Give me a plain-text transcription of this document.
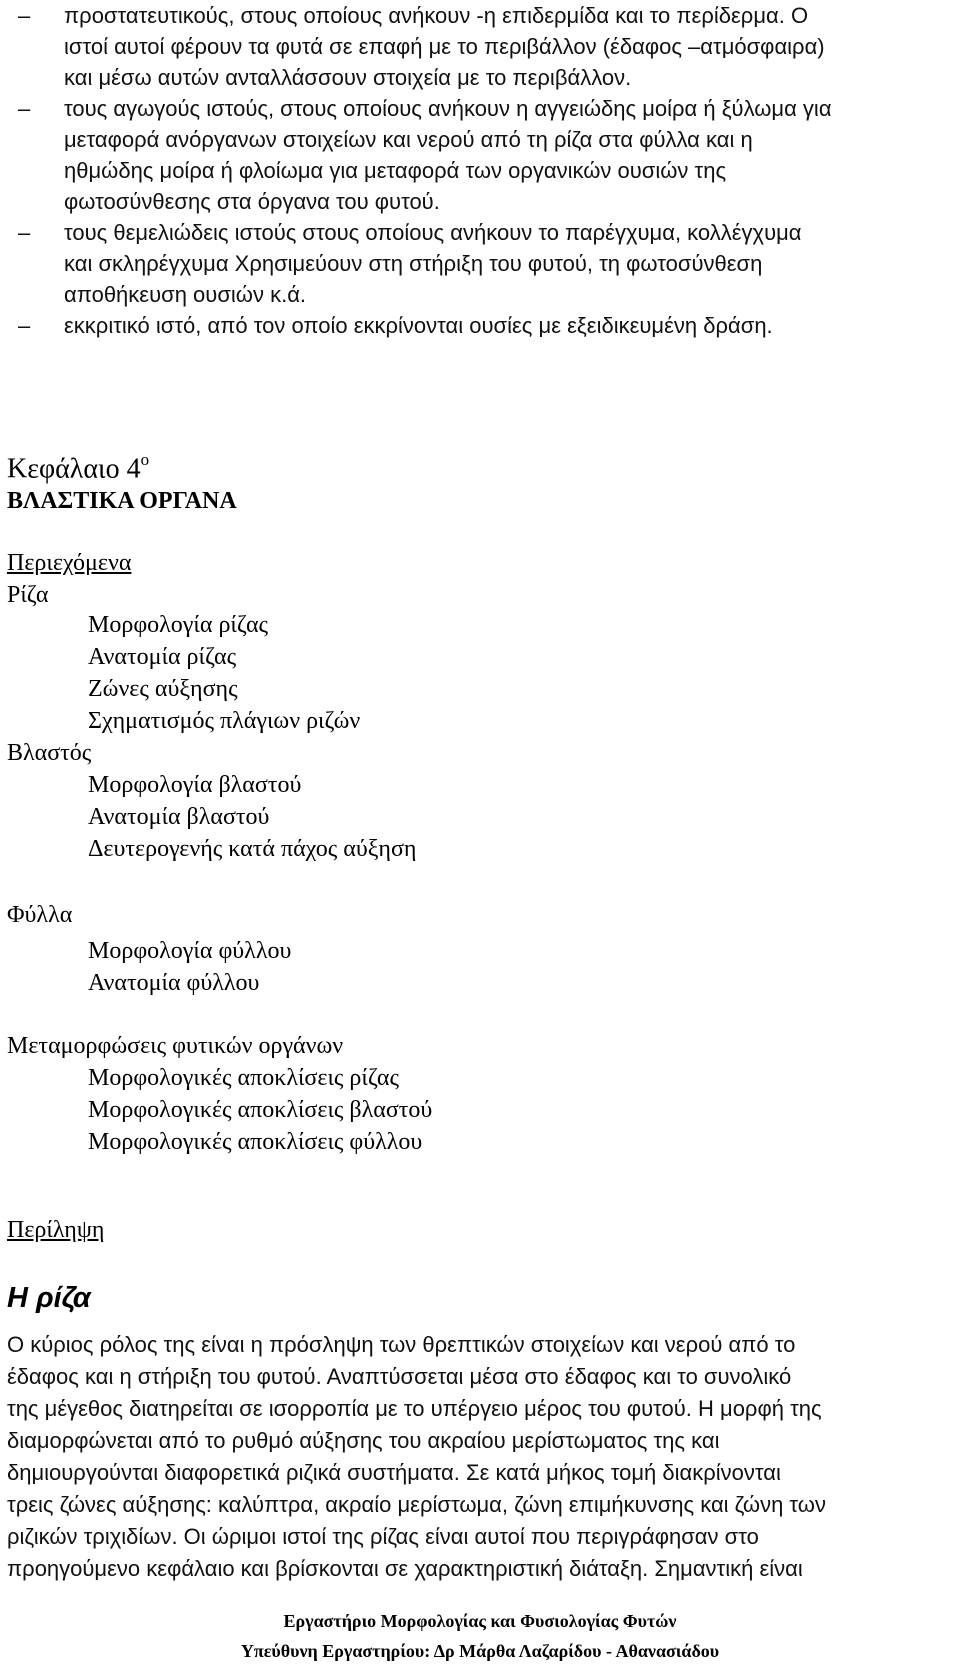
–	προστατευτικούς, στους οποίους ανήκουν -η επιδερμίδα και το περίδερμα. Ο
ιστοί αυτοί φέρουν τα φυτά σε επαφή με το περιβάλλον (έδαφος –ατμόσφαιρα)
και μέσω αυτών ανταλλάσσουν στοιχεία με το περιβάλλον.
–	τους αγωγούς ιστούς, στους οποίους ανήκουν η αγγειώδης μοίρα ή ξύλωμα για
μεταφορά ανόργανων στοιχείων και νερού από τη ρίζα στα φύλλα και η
ηθμώδης μοίρα ή φλοίωμα για μεταφορά των οργανικών ουσιών της
φωτοσύνθεσης στα όργανα του φυτού.
–	τους θεμελιώδεις ιστούς στους οποίους ανήκουν το παρέγχυμα, κολλέγχυμα
και σκληρέγχυμα Χρησιμεύουν στη στήριξη του φυτού, τη φωτοσύνθεση
αποθήκευση ουσιών κ.ά.
–	εκκριτικό ιστό, από τον οποίο εκκρίνονται ουσίες με εξειδικευμένη δράση.
Κεφάλαιο $4^o$
ΒΛΑΣΤΙΚΑ ΟΡΓΑΝΑ
Περιεχόμενα
Ρίζα
Μορφολογία ρίζας
Ανατομία ρίζας
Ζώνες αύξησης
Σχηματισμός πλάγιων ριζών
Βλαστός
Μορφολογία βλαστού
Ανατομία βλαστού
Δευτερογενής κατά πάχος αύξηση
Φύλλα
Μορφολογία φύλλου
Ανατομία φύλλου
Μεταμορφώσεις φυτικών οργάνων
Μορφολογικές αποκλίσεις ρίζας
Μορφολογικές αποκλίσεις βλαστού
Μορφολογικές αποκλίσεις φύλλου
Περίληψη
Η ρίζα
Ο κύριος ρόλος της είναι η πρόσληψη των θρεπτικών στοιχείων και νερού από το
έδαφος και η στήριξη του φυτού. Αναπτύσσεται μέσα στο έδαφος και το συνολικό
της μέγεθος διατηρείται σε ισορροπία με το υπέργειο μέρος του φυτού. Η μορφή της
διαμορφώνεται από το ρυθμό αύξησης του ακραίου μερίστωματος της και
δημιουργούνται διαφορετικά ριζικά συστήματα. Σε κατά μήκος τομή διακρίνονται
τρεις ζώνες αύξησης: καλύπτρα, ακραίο μερίστωμα, ζώνη επιμήκυνσης και ζώνη των
ριζικών τριχιδίων. Οι ώριμοι ιστοί της ρίζας είναι αυτοί που περιγράφησαν στο
προηγούμενο κεφάλαιο και βρίσκονται σε χαρακτηριστική διάταξη. Σημαντική είναι
Εργαστήριο Μορφολογίας και Φυσιολογίας Φυτών
Υπεύθυνη Εργαστηρίου: Δρ Μάρθα Λαζαρίδου - Αθανασιάδου
